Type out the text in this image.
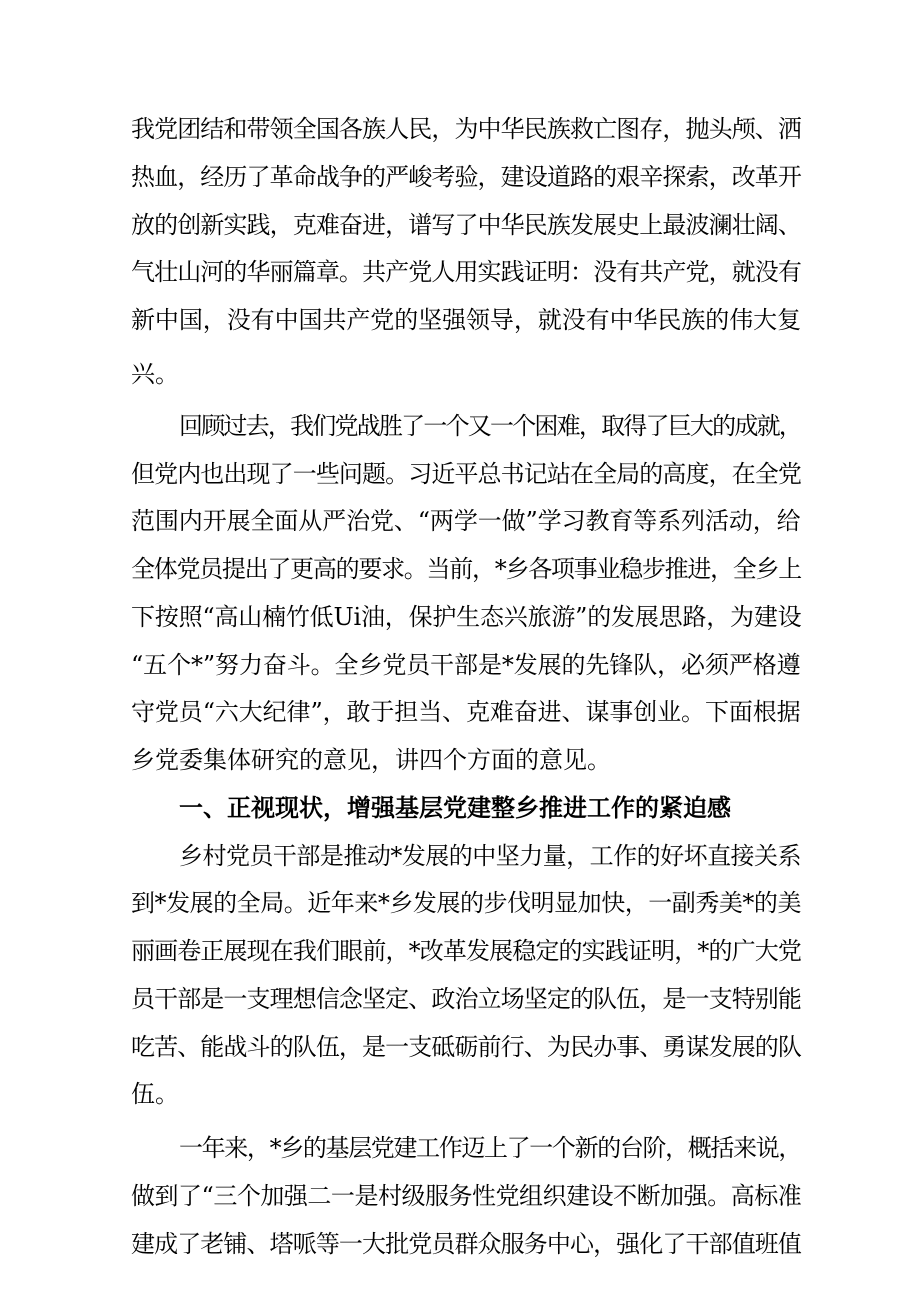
我党团结和带领全国各族人民，为中华民族救亡图存，抛头颅、洒
热血，经历了革命战争的严峻考验，建设道路的艰辛探索，改革开
放的创新实践，克难奋进，谱写了中华民族发展史上最波澜壮阔、
气壮山河的华丽篇章。共产党人用实践证明：没有共产党，就没有
新中国，没有中国共产党的坚强领导，就没有中华民族的伟大复
兴。
回顾过去，我们党战胜了一个又一个困难，取得了巨大的成就，
但党内也出现了一些问题。习近平总书记站在全局的高度，在全党
范围内开展全面从严治党、“两学一做”学习教育等系列活动，给
全体党员提出了更高的要求。当前，*乡各项事业稳步推进，全乡上
下按照“高山楠竹低Ui油，保护生态兴旅游”的发展思路，为建设
“五个*”努力奋斗。全乡党员干部是*发展的先锋队，必须严格遵
守党员“六大纪律”，敢于担当、克难奋进、谋事创业。下面根据
乡党委集体研究的意见，讲四个方面的意见。
一、正视现状，增强基层党建整乡推进工作的紧迫感
乡村党员干部是推动*发展的中坚力量，工作的好坏直接关系
到*发展的全局。近年来*乡发展的步伐明显加快，一副秀美*的美
丽画卷正展现在我们眼前，*改革发展稳定的实践证明，*的广大党
员干部是一支理想信念坚定、政治立场坚定的队伍，是一支特别能
吃苦、能战斗的队伍，是一支砥砺前行、为民办事、勇谋发展的队
伍。
一年来，*乡的基层党建工作迈上了一个新的台阶，概括来说，
做到了“三个加强二一是村级服务性党组织建设不断加强。高标准
建成了老铺、塔哌等一大批党员群众服务中心，强化了干部值班值
